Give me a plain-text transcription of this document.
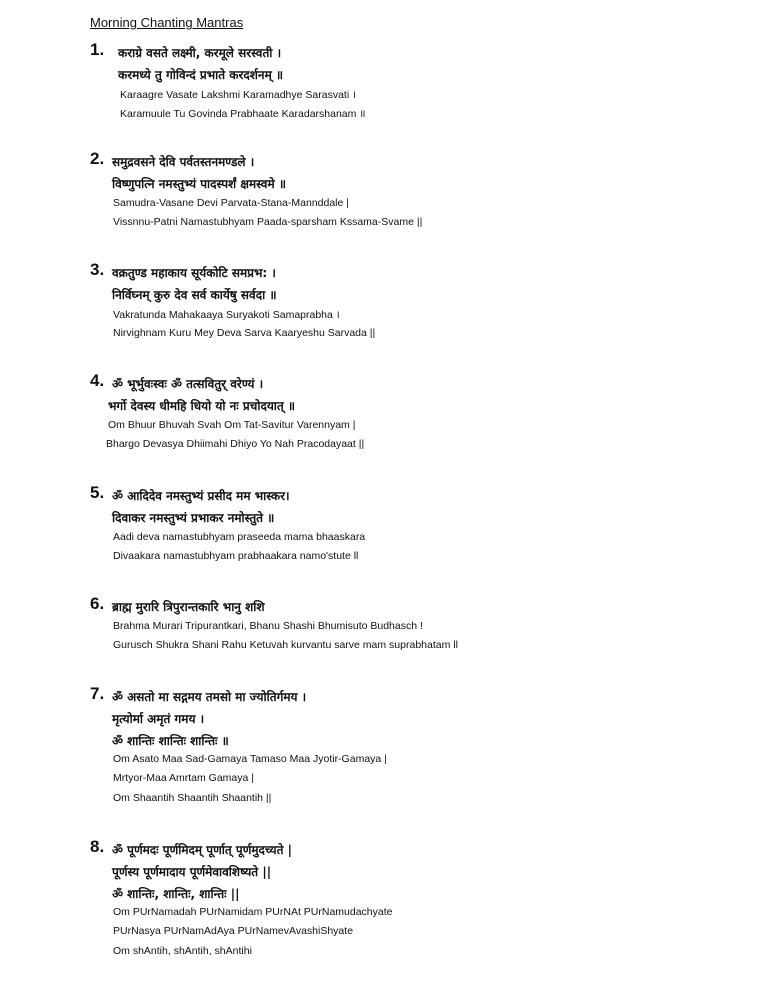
Morning Chanting Mantras
1. कराग्रे वसते लक्ष्मी, करमूले सरस्वती ।
करमध्ये तु गोविन्दं प्रभाते करदर्शनम् ॥
Karaagre Vasate Lakshmi Karamadhye Sarasvati ।
Karamuule Tu Govinda Prabhaate Karadarshanam ॥
2. समुद्रवसने देवि पर्वतस्तनमण्डले ।
विष्णुपत्नि नमस्तुभ्यं पादस्पर्शं क्षमस्वमे ॥
Samudra-Vasane Devi Parvata-Stana-Mannddale |
Vissnnu-Patni Namastubhyam Paada-sparsham Kssama-Svame ||
3. वक्रतुण्ड महाकाय सूर्यकोटि समप्रभ: ।
निर्विघ्नम् कुरु देव सर्व कार्येषु सर्वदा ॥
Vakratunda Mahakaaya Suryakoti Samaprabha ।
Nirvighnam Kuru Mey Deva Sarva Kaaryeshu Sarvada ||
4. ॐ भूर्भुवःस्वः ॐ तत्सवितुर् वरेण्यं ।
भर्गो देवस्य धीमहि धियो यो नः प्रचोदयात् ॥
Om Bhuur Bhuvah Svah Om Tat-Savitur Varennyam |
Bhargo Devasya Dhiimahi Dhiyo Yo Nah Pracodayaat ||
5. ॐ आदिदेव नमस्तुभ्यं प्रसीद मम भास्कर।
दिवाकर नमस्तुभ्यं प्रभाकर नमोस्तुते ॥
Aadi deva namastubhyam praseeda mama bhaaskara
Divaakara namastubhyam prabhaakara namo'stute ll
6. ब्राह्म मुरारि त्रिपुरान्तकारि भानु शशि
Brahma Murari Tripurantkari, Bhanu Shashi Bhumisuto Budhasch !
Gurusch Shukra Shani Rahu Ketuvah kurvantu sarve mam suprabhatam ll
7. ॐ असतो मा सद्गमय तमसो मा ज्योतिर्गमय ।
मृत्योर्मा अमृतं गमय ।
ॐ शान्तिः शान्तिः शान्तिः ॥
Om Asato Maa Sad-Gamaya Tamaso Maa Jyotir-Gamaya |
Mrtyor-Maa Amrtam Gamaya |
Om Shaantih Shaantih Shaantih ||
8. ॐ पूर्णमदः पूर्णमिदम् पूर्णात् पूर्णमुदच्यते |
पूर्णस्य पूर्णमादाय पूर्णमेवावशिष्यते ||
ॐ शान्तिः, शान्तिः, शान्तिः ||
Om PUrNamadah PUrNamidam PUrNAt PUrNamudachyate
PUrNasya PUrNamAdAya PUrNamevAvashiShyate
Om shAntih, shAntih, shAntihi
